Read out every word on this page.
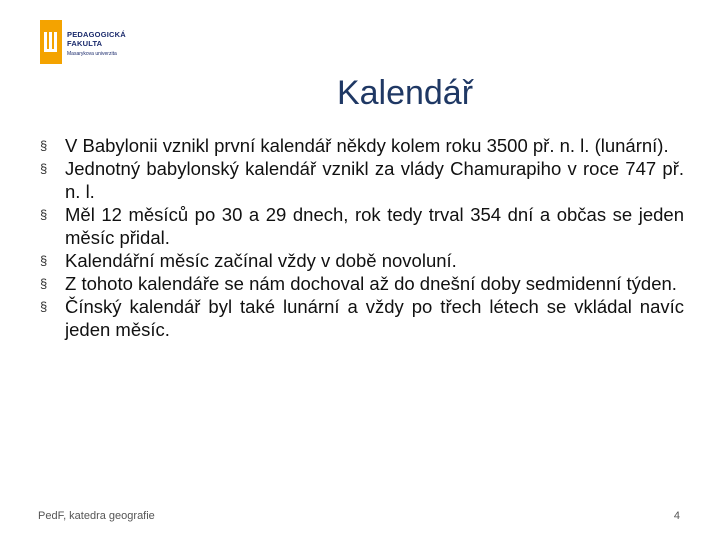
PEDAGOGICKÁ
FAKULTA
Masarykova univerzita
Kalendář
§ V Babylonii vznikl první kalendář někdy kolem roku 3500 př. n. l. (lunární).
§ Jednotný babylonský kalendář vznikl za vlády Chamurapiho v roce 747 př. n. l.
§ Měl 12 měsíců po 30 a 29 dnech, rok tedy trval 354 dní a občas se jeden měsíc přidal.
§ Kalendářní měsíc začínal vždy v době novoluní.
§ Z tohoto kalendáře se nám dochoval až do dnešní doby sedmidenní týden.
§ Čínský kalendář byl také lunární a vždy po třech létech se vkládal navíc jeden měsíc.
PedF, katedra geografie	4
